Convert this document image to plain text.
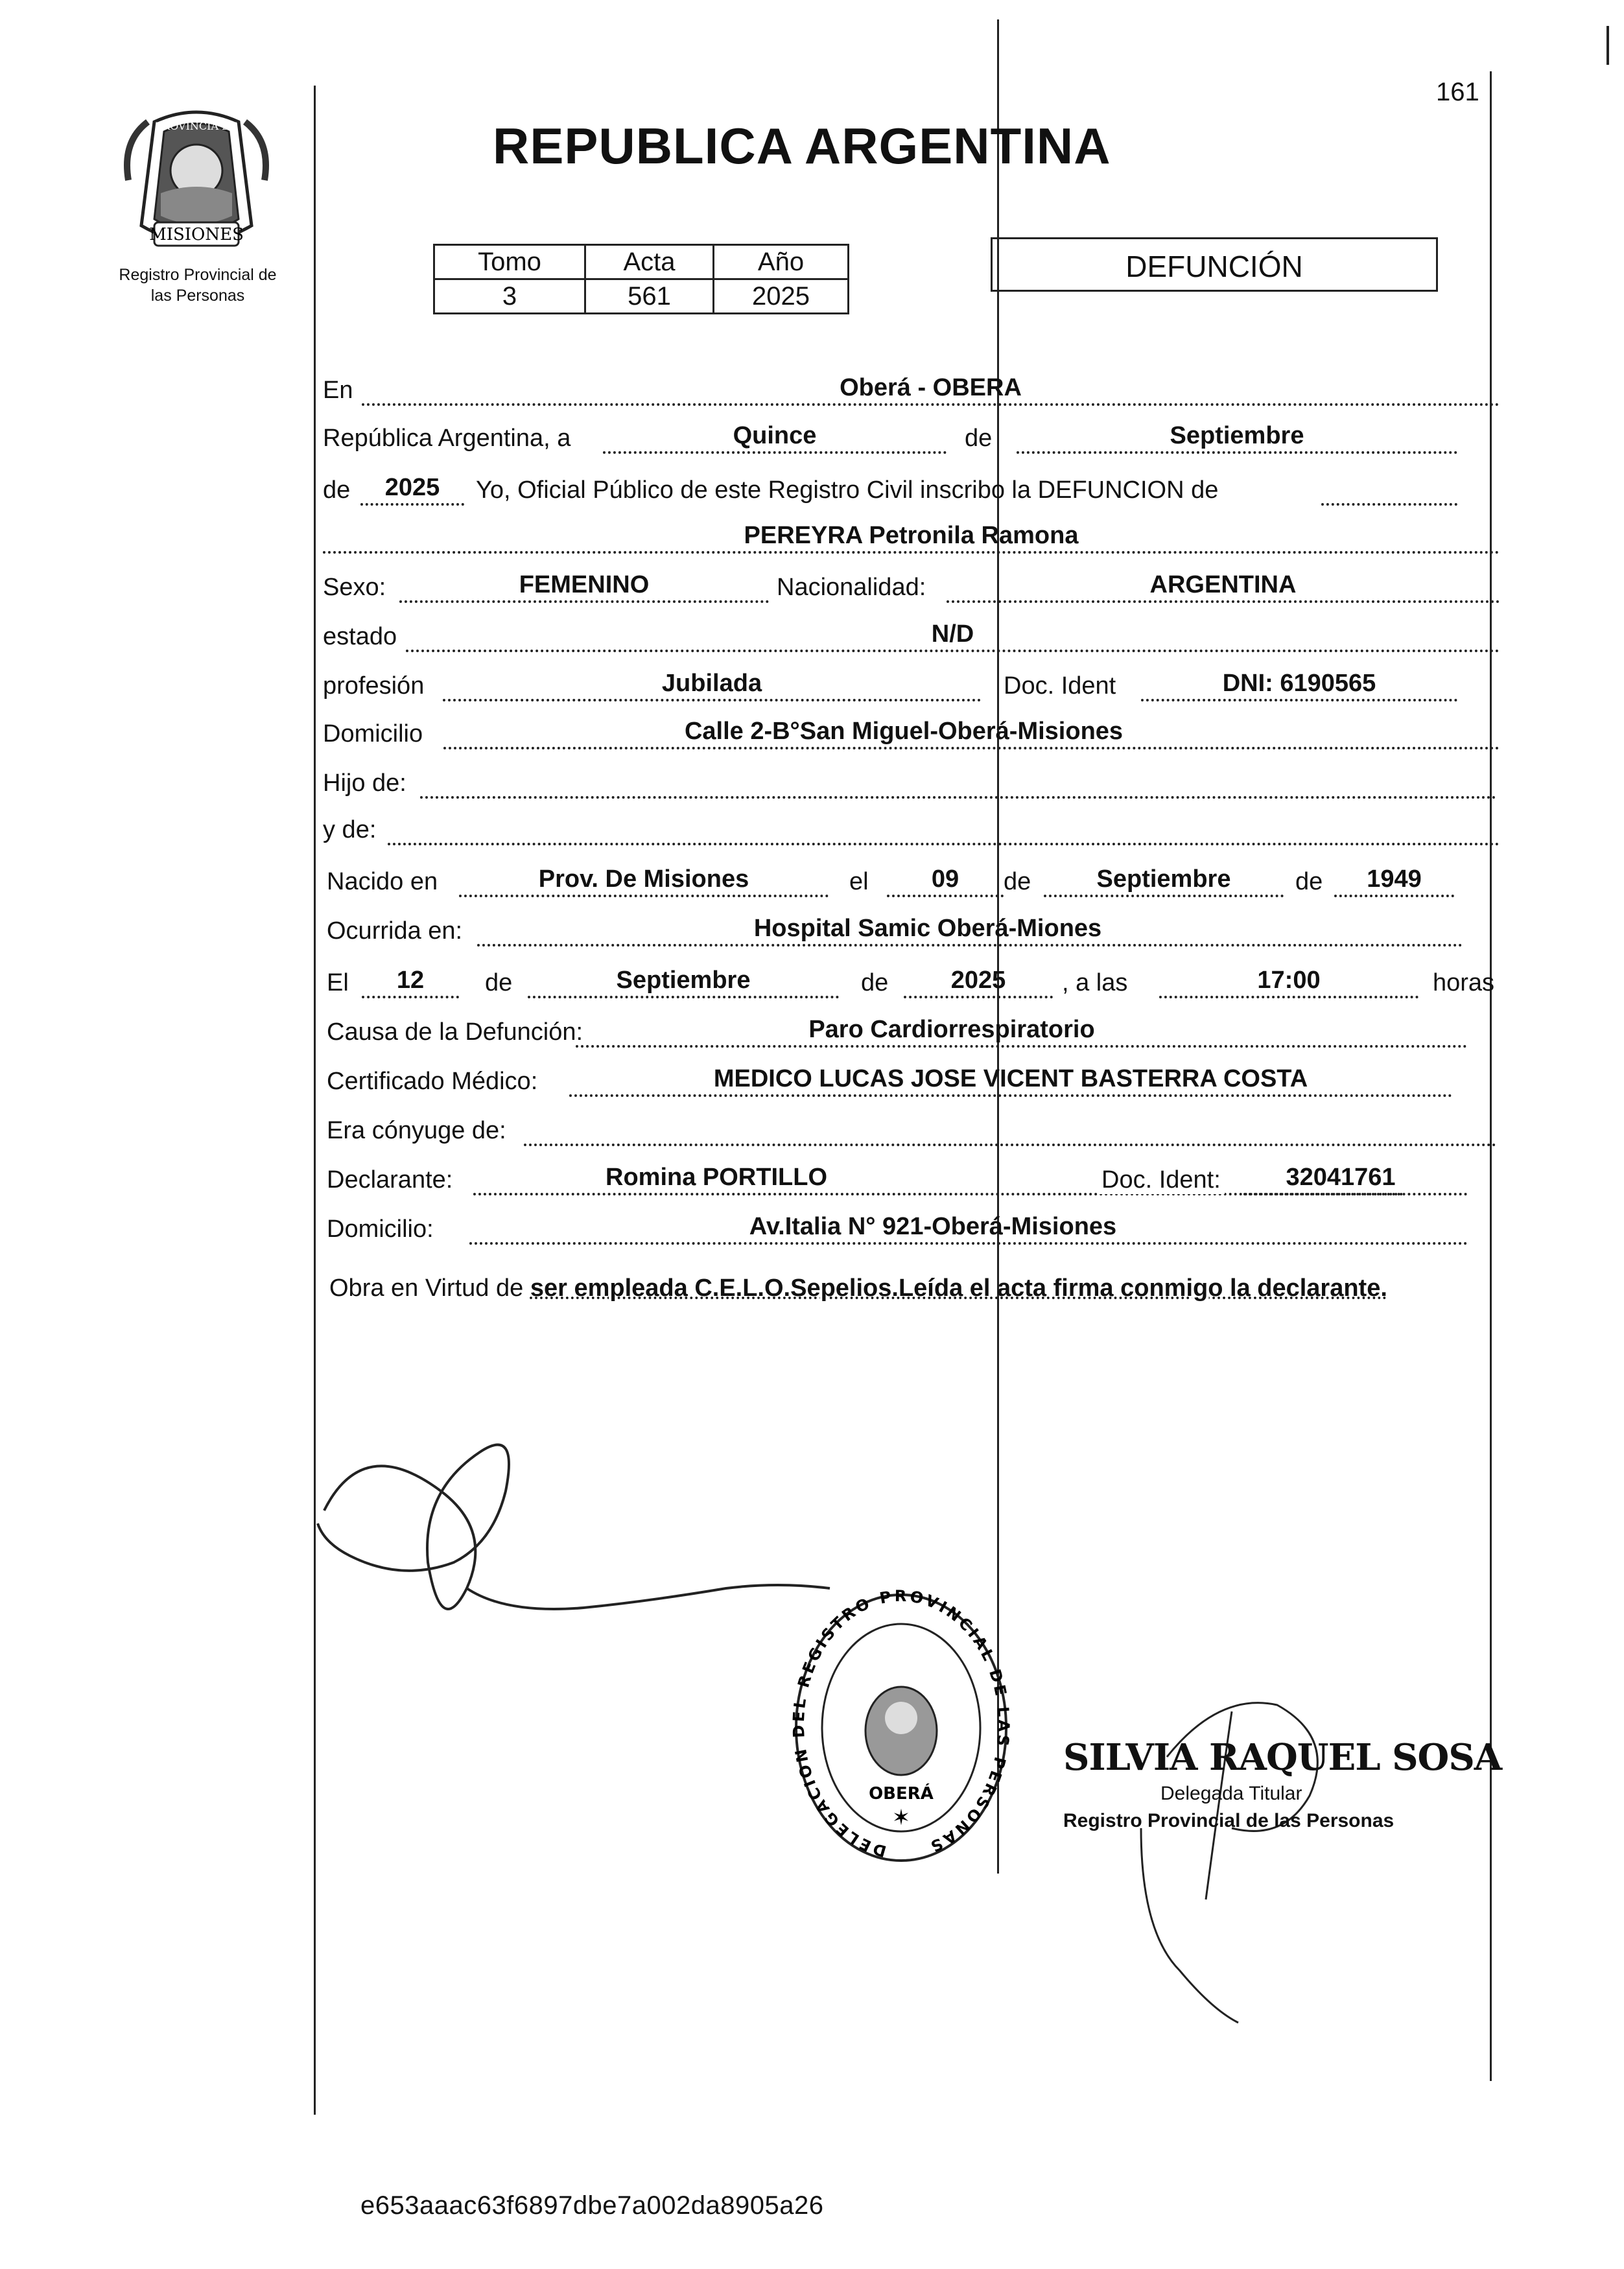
MISIONES
PROVINCIA DE
Registro Provincial de
las Personas
161
REPUBLICA ARGENTINA
Tomo	Acta	Año
3	561	2025
DEFUNCIÓN
En	Oberá - OBERA
República Argentina, a	Quince	de	Septiembre
de	2025	Yo, Oficial Público de este Registro Civil inscribo la DEFUNCION de
PEREYRA Petronila Ramona
Sexo:	FEMENINO	Nacionalidad:	ARGENTINA
estado	N/D
profesión	Jubilada	Doc. Ident	DNI: 6190565
Domicilio	Calle 2-B°San Miguel-Oberá-Misiones
Hijo de:
y de:
Nacido en	Prov. De Misiones	el	09	de	Septiembre	de	1949
Ocurrida en:	Hospital Samic Oberá-Miones
El	12	de	Septiembre	de	2025	, a las	17:00	horas
Causa de la Defunción:	Paro Cardiorrespiratorio
Certificado Médico:	MEDICO LUCAS JOSE VICENT BASTERRA COSTA
Era cónyuge de:
Declarante:	Romina PORTILLO	Doc. Ident:	32041761
Domicilio:	Av.Italia N° 921-Oberá-Misiones
Obra en Virtud de ser empleada C.E.L.O.Sepelios.Leída el acta firma conmigo la declarante.
DELEGACION DEL REGISTRO PROVINCIAL DE LAS PERSONAS
OBERÁ
✶
SILVIA RAQUEL SOSA
Delegada Titular
Registro Provincial de las Personas
e653aaac63f6897dbe7a002da8905a26
